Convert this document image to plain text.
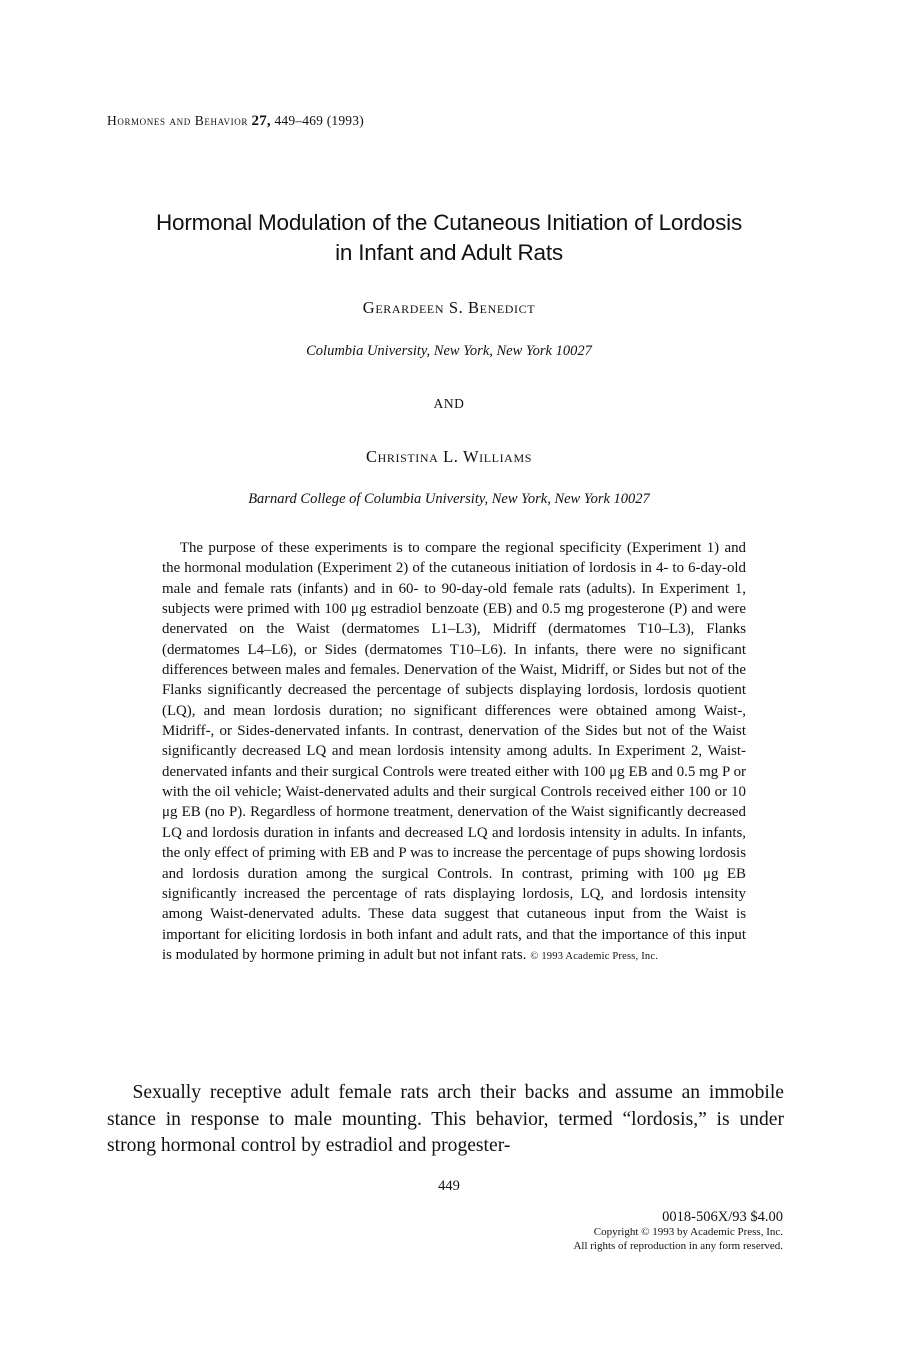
Hormones and Behavior 27, 449–469 (1993)
Hormonal Modulation of the Cutaneous Initiation of Lordosis
in Infant and Adult Rats
Gerardeen S. Benedict
Columbia University, New York, New York 10027
AND
Christina L. Williams
Barnard College of Columbia University, New York, New York 10027

The purpose of these experiments is to compare the regional specificity (Experiment 1) and the hormonal modulation (Experiment 2) of the cutaneous initiation of lordosis in 4- to 6-day-old male and female rats (infants) and in 60- to 90-day-old female rats (adults). In Experiment 1, subjects were primed with 100 μg estradiol benzoate (EB) and 0.5 mg progesterone (P) and were denervated on the Waist (dermatomes L1–L3), Midriff (dermatomes T10–L3), Flanks (dermatomes L4–L6), or Sides (dermatomes T10–L6). In infants, there were no significant differences between males and females. Denervation of the Waist, Midriff, or Sides but not of the Flanks significantly decreased the percentage of subjects displaying lordosis, lordosis quotient (LQ), and mean lordosis duration; no significant differences were obtained among Waist-, Midriff-, or Sides-denervated infants. In contrast, denervation of the Sides but not of the Waist significantly decreased LQ and mean lordosis intensity among adults. In Experiment 2, Waist-denervated infants and their surgical Controls were treated either with 100 μg EB and 0.5 mg P or with the oil vehicle; Waist-denervated adults and their surgical Controls received either 100 or 10 μg EB (no P). Regardless of hormone treatment, denervation of the Waist significantly decreased LQ and lordosis duration in infants and decreased LQ and lordosis intensity in adults. In infants, the only effect of priming with EB and P was to increase the percentage of pups showing lordosis and lordosis duration among the surgical Controls. In contrast, priming with 100 μg EB significantly increased the percentage of rats displaying lordosis, LQ, and lordosis intensity among Waist-denervated adults. These data suggest that cutaneous input from the Waist is important for eliciting lordosis in both infant and adult rats, and that the importance of this input is modulated by hormone priming in adult but not infant rats. © 1993 Academic Press, Inc.

Sexually receptive adult female rats arch their backs and assume an immobile stance in response to male mounting. This behavior, termed “lordosis,” is under strong hormonal control by estradiol and progester-

449
0018-506X/93 $4.00
Copyright © 1993 by Academic Press, Inc.
All rights of reproduction in any form reserved.
